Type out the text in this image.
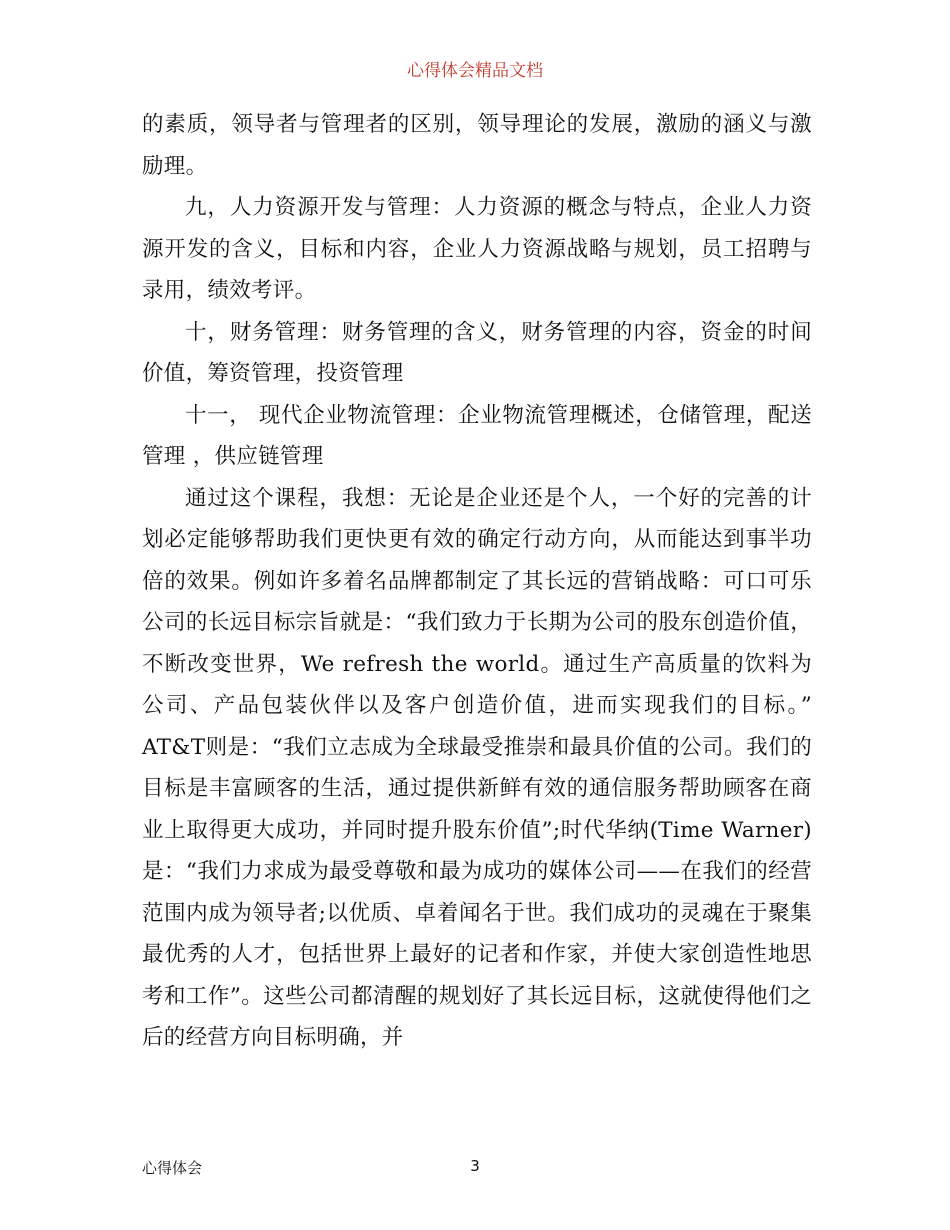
心得体会精品文档

的素质，领导者与管理者的区别，领导理论的发展，激励的涵义与激励理。

九，人力资源开发与管理：人力资源的概念与特点，企业人力资源开发的含义，目标和内容，企业人力资源战略与规划，员工招聘与录用，绩效考评。

十，财务管理：财务管理的含义，财务管理的内容，资金的时间价值，筹资管理，投资管理

十一， 现代企业物流管理：企业物流管理概述，仓储管理，配送管理 ，供应链管理

通过这个课程，我想：无论是企业还是个人，一个好的完善的计划必定能够帮助我们更快更有效的确定行动方向，从而能达到事半功倍的效果。例如许多着名品牌都制定了其长远的营销战略：可口可乐公司的长远目标宗旨就是：“我们致力于长期为公司的股东创造价值，不断改变世界，We refresh the world。通过生产高质量的饮料为公司、产品包装伙伴以及客户创造价值，进而实现我们的目标。” AT&T则是：“我们立志成为全球最受推崇和最具价值的公司。我们的目标是丰富顾客的生活，通过提供新鲜有效的通信服务帮助顾客在商业上取得更大成功，并同时提升股东价值”;时代华纳(Time Warner)是：“我们力求成为最受尊敬和最为成功的媒体公司——在我们的经营范围内成为领导者;以优质、卓着闻名于世。我们成功的灵魂在于聚集最优秀的人才，包括世界上最好的记者和作家，并使大家创造性地思考和工作”。这些公司都清醒的规划好了其长远目标，这就使得他们之后的经营方向目标明确，并

心得体会	3
